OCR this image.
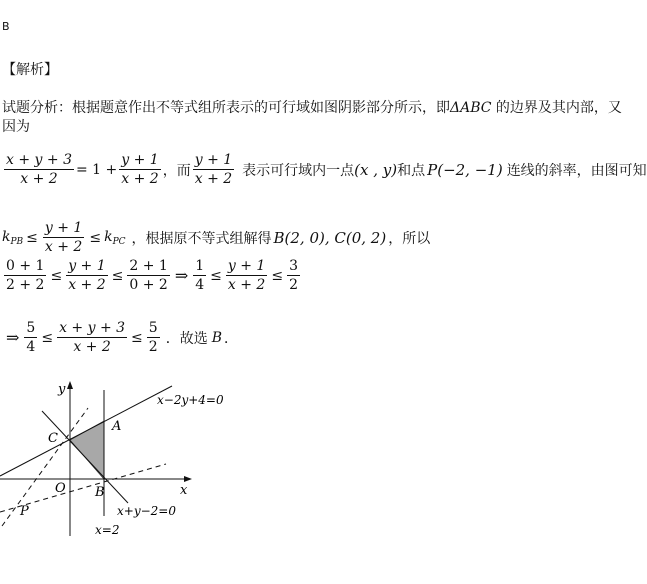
B
【解析】
试题分析：根据题意作出不等式组所表示的可行域如图阴影部分所示，即ΔABC 的边界及其内部，又
因为
$\frac{x + y + 3}{x + 2} = 1 + \frac{y + 1}{x + 2}$ ，而 $\frac{y + 1}{x + 2}$ 表示可行域内一点 (x , y) 和点 P(−2, −1) 连线的斜率，由图可知
$k_{PB} \le \frac{y + 1}{x + 2} \le k_{PC}$ ，根据原不等式组解得 B(2, 0), C(0, 2) ，所以
$\frac{0 + 1}{2 + 2} \le \frac{y + 1}{x + 2} \le \frac{2 + 1}{0 + 2}$ ⇒ $\frac{1}{4} \le \frac{y + 1}{x + 2} \le \frac{3}{2}$
⇒ $\frac{5}{4} \le \frac{x + y + 3}{x + 2} \le \frac{5}{2}$ ．故选 B ．
y
x
O
A
B
C
P
x−2y+4=0
x+y−2=0
x=2
